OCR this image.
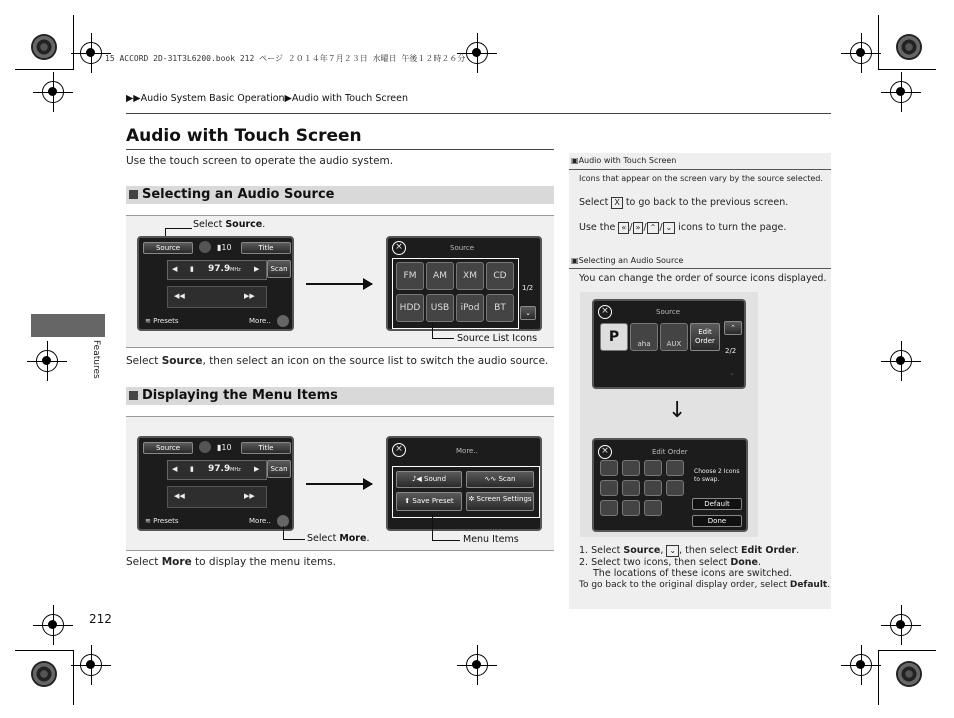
15 ACCORD 2D-31T3L6200.book 212 ページ ２０１４年７月２３日 水曜日 午後１２時２６分
▶▶Audio System Basic Operation▶Audio with Touch Screen
Audio with Touch Screen
Use the touch screen to operate the audio system.
Features
Selecting an Audio Source
Select Source.
Source	▮10	Title
◀ ▮ 97.9 MHz ▶	Scan
◀◀	▶▶
≋ Presets	More..
×	Source
FM	AM	XM	CD
HDD	USB	iPod	BT
1/2
⌄
Source List Icons
Select Source, then select an icon on the source list to switch the audio source.
Displaying the Menu Items
Source	▮10	Title
◀ ▮ 97.9 MHz ▶	Scan
◀◀	▶▶
≋ Presets	More..
Select More.
×	More..
♪◀ Sound	∿∿ Scan
⬆ Save Preset	✲ Screen Settings
Menu Items
Select More to display the menu items.
212
▣Audio with Touch Screen
Icons that appear on the screen vary by the source selected.
Select X to go back to the previous screen.
Use the « / » / ⌃ / ⌄ icons to turn the page.
▣Selecting an Audio Source
You can change the order of source icons displayed.
×	Source
P	aha	AUX
Edit Order
⌃
2/2
⌄
↓
×	Edit Order
Choose 2 Icons to swap.
Default
Done
1. Select Source, ⌄ , then select Edit Order.
2. Select two icons, then select Done.
The locations of these icons are switched.
To go back to the original display order, select Default.
